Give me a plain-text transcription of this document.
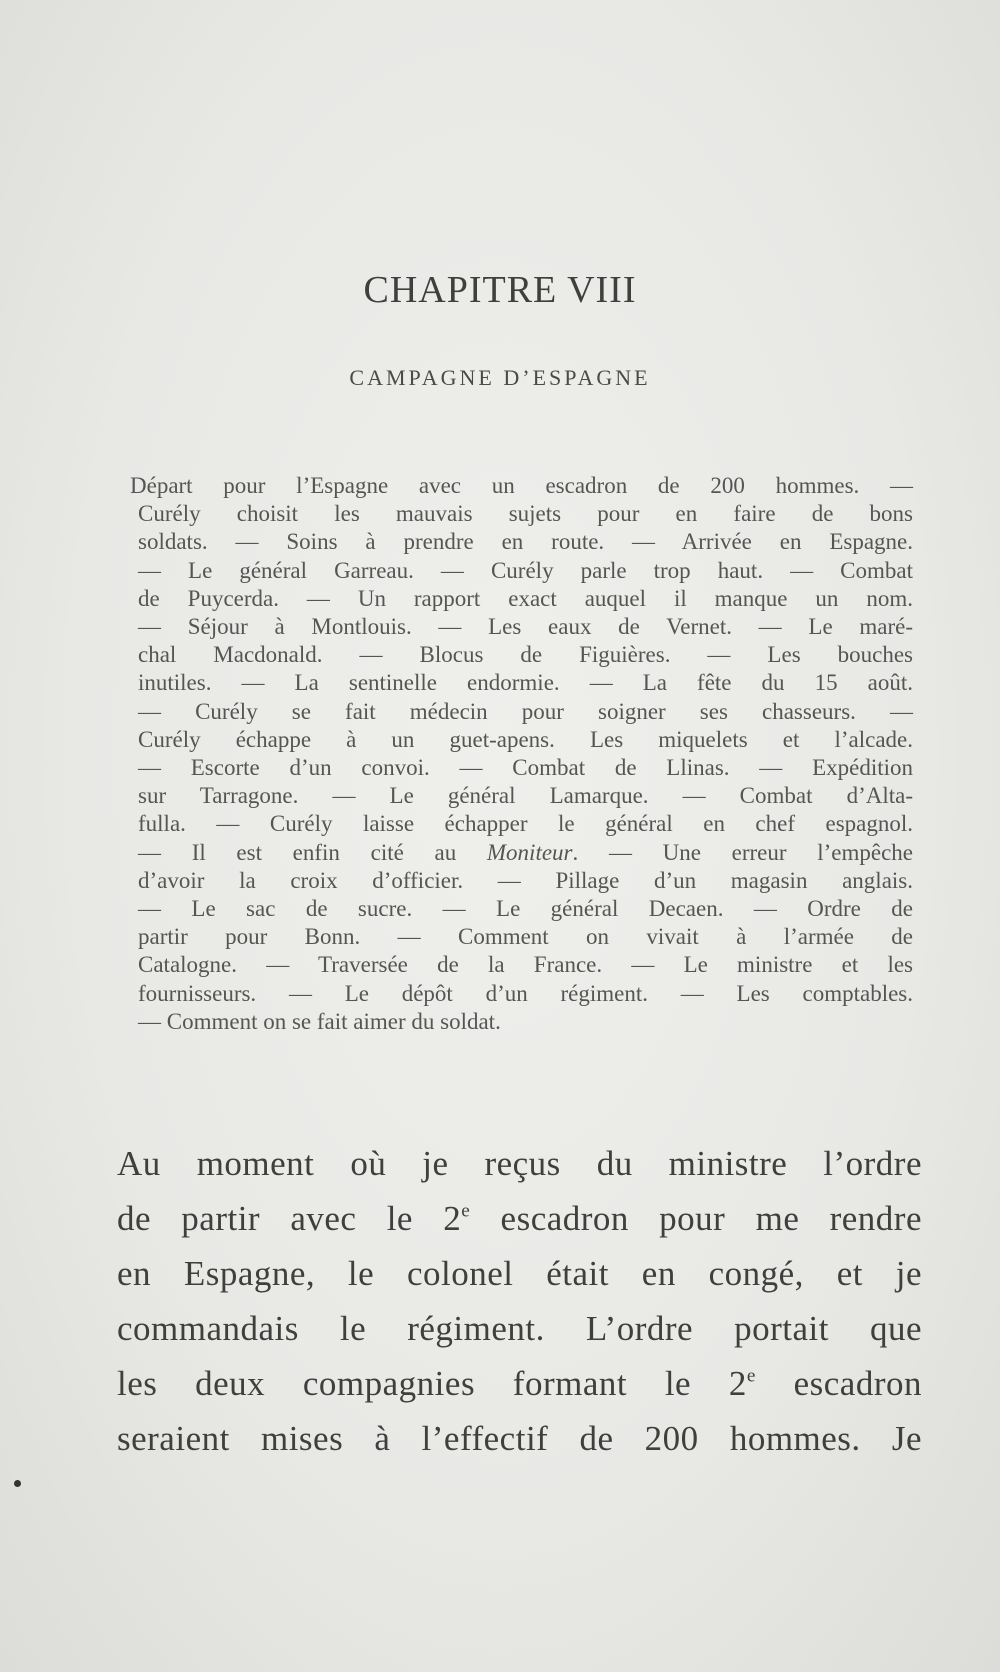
CHAPITRE VIII
CAMPAGNE D’ESPAGNE
Départ pour l’Espagne avec un escadron de 200 hommes. —
Curély choisit les mauvais sujets pour en faire de bons
soldats. — Soins à prendre en route. — Arrivée en Espagne.
— Le général Garreau. — Curély parle trop haut. — Combat
de Puycerda. — Un rapport exact auquel il manque un nom.
— Séjour à Montlouis. — Les eaux de Vernet. — Le maré-
chal Macdonald. — Blocus de Figuières. — Les bouches
inutiles. — La sentinelle endormie. — La fête du 15 août.
— Curély se fait médecin pour soigner ses chasseurs. —
Curély échappe à un guet-apens. Les miquelets et l’alcade.
— Escorte d’un convoi. — Combat de Llinas. — Expédition
sur Tarragone. — Le général Lamarque. — Combat d’Alta-
fulla. — Curély laisse échapper le général en chef espagnol.
— Il est enfin cité au Moniteur. — Une erreur l’empêche
d’avoir la croix d’officier. — Pillage d’un magasin anglais.
— Le sac de sucre. — Le général Decaen. — Ordre de
partir pour Bonn. — Comment on vivait à l’armée de
Catalogne. — Traversée de la France. — Le ministre et les
fournisseurs. — Le dépôt d’un régiment. — Les comptables.
— Comment on se fait aimer du soldat.
Au moment où je reçus du ministre l’ordre
de partir avec le 2e escadron pour me rendre
en Espagne, le colonel était en congé, et je
commandais le régiment. L’ordre portait que
les deux compagnies formant le 2e escadron
seraient mises à l’effectif de 200 hommes. Je
